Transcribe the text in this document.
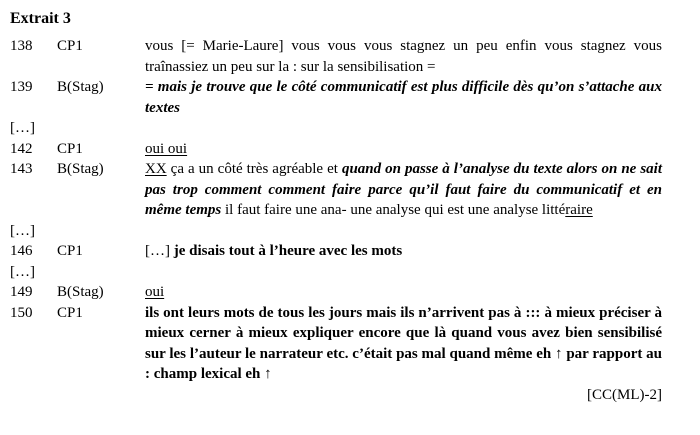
Extrait 3
138	CP1	vous [= Marie-Laure] vous vous vous stagnez un peu enfin vous stagnez vous traînassiez un peu sur la : sur la sensibilisation =
139	B(Stag)	= mais je trouve que le côté communicatif est plus difficile dès qu’on s’attache aux textes
[…]
142	CP1	oui oui
143	B(Stag)	XX ça a un côté très agréable et quand on passe à l’analyse du texte alors on ne sait pas trop comment comment faire parce qu’il faut faire du communicatif et en même temps il faut faire une ana- une analyse qui est une analyse littéraire
[…]
146	CP1	[…] je disais tout à l’heure avec les mots
[…]
149	B(Stag)	oui
150	CP1	ils ont leurs mots de tous les jours mais ils n’arrivent pas à ::: à mieux préciser à mieux cerner à mieux expliquer encore que là quand vous avez bien sensibilisé sur les l’auteur le narrateur etc. c’était pas mal quand même eh ↑ par rapport au : champ lexical eh ↑
[CC(ML)-2]
